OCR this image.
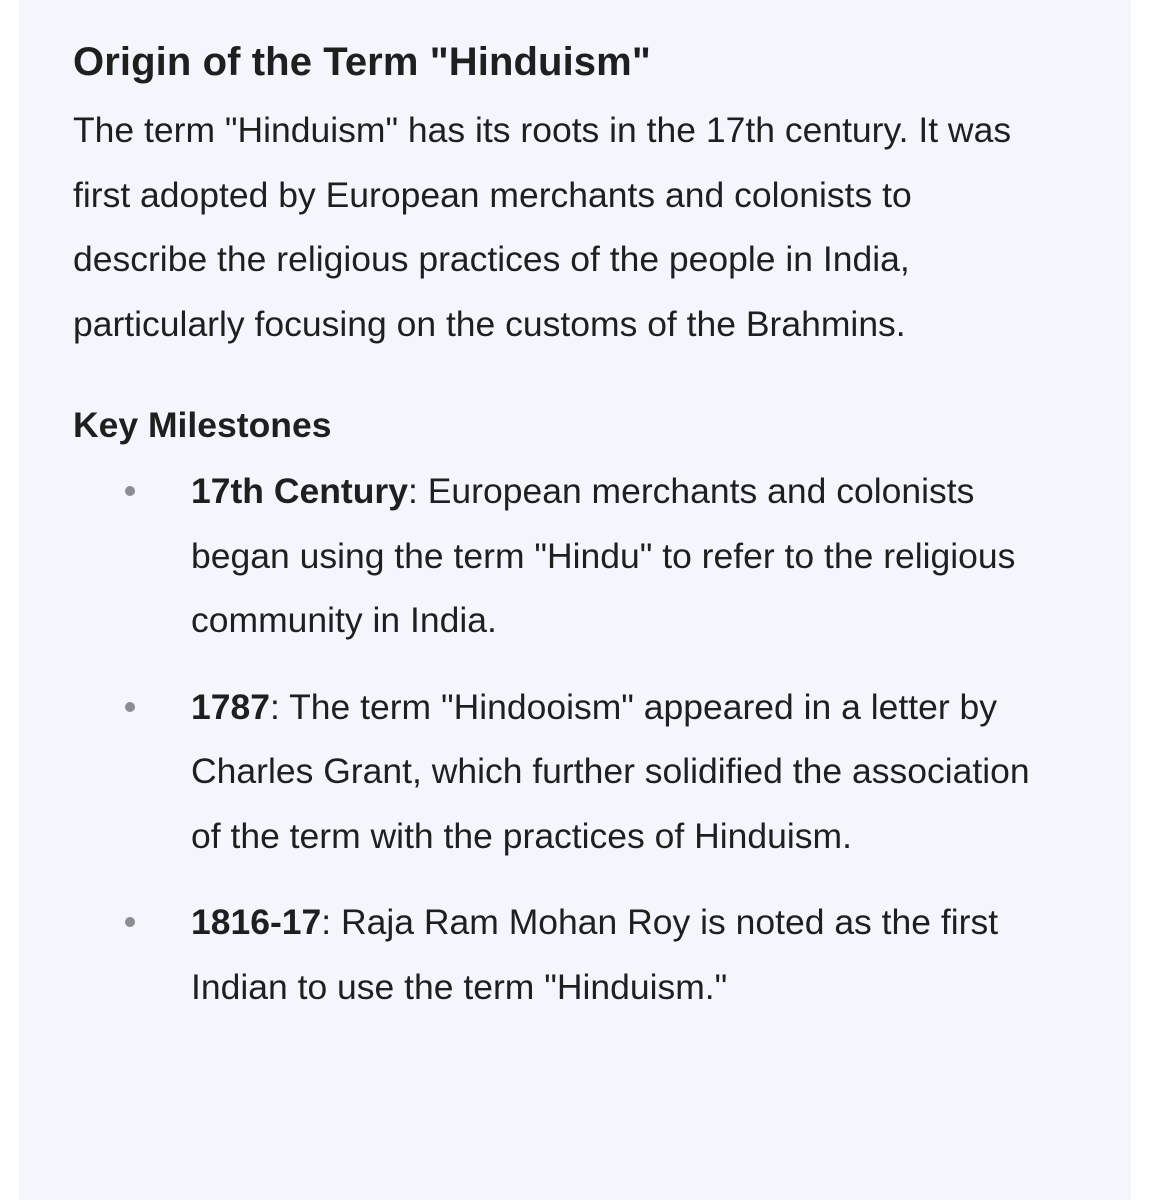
Origin of the Term "Hinduism"

The term "Hinduism" has its roots in the 17th century. It was first adopted by European merchants and colonists to describe the religious practices of the people in India, particularly focusing on the customs of the Brahmins.

Key Milestones
17th Century: European merchants and colonists began using the term "Hindu" to refer to the religious community in India.
1787: The term "Hindooism" appeared in a letter by Charles Grant, which further solidified the association of the term with the practices of Hinduism.
1816-17: Raja Ram Mohan Roy is noted as the first Indian to use the term "Hinduism."
